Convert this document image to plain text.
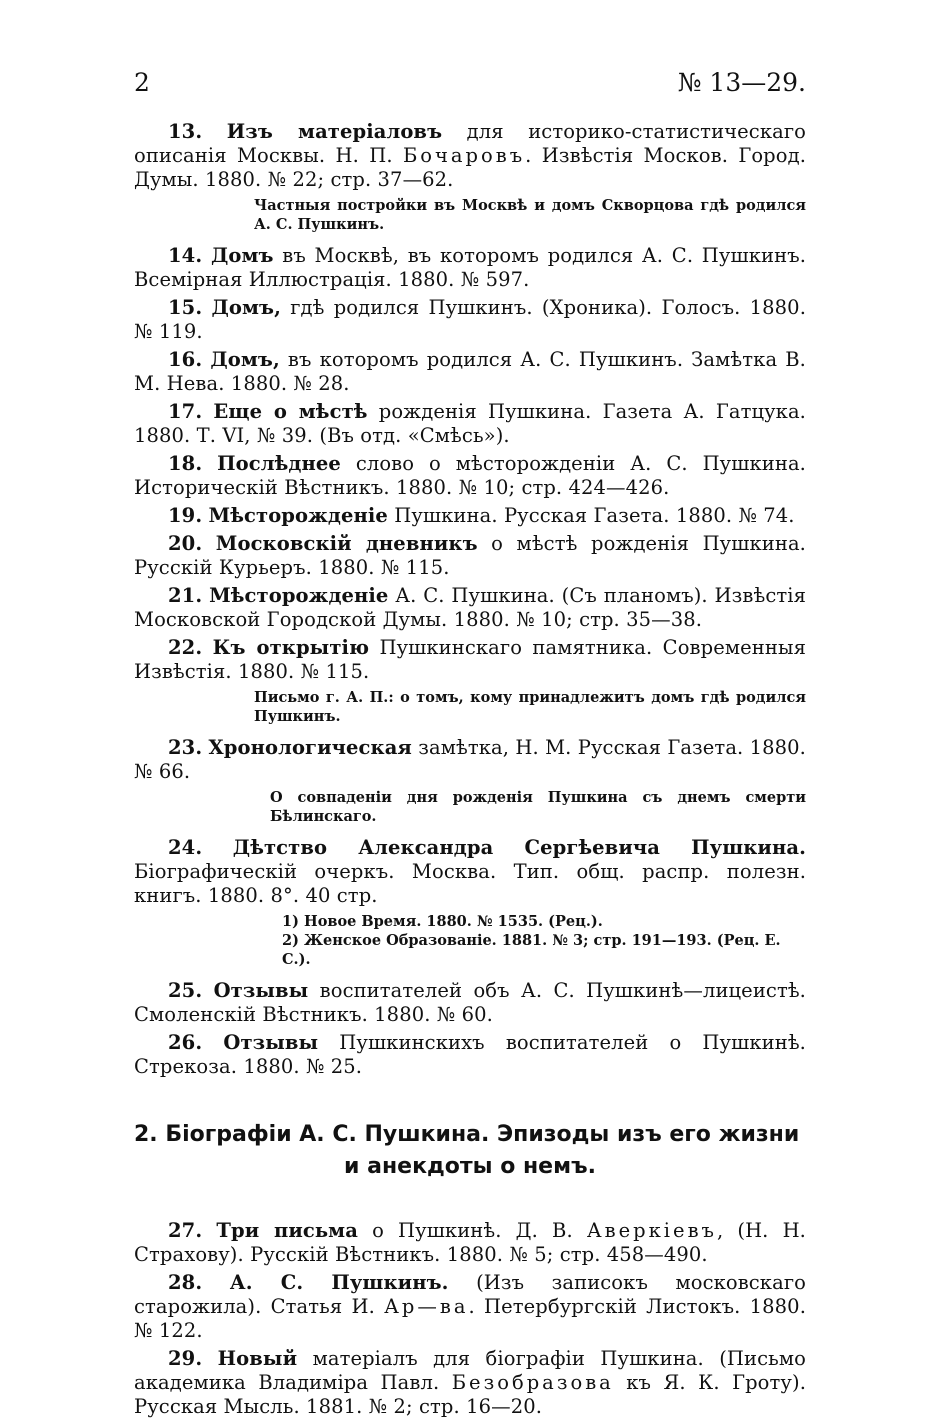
2	№ 13—29.

13. Изъ матеріаловъ для историко-статистическаго описанія Москвы. Н. П. Бочаровъ. Извѣстія Москов. Город. Думы. 1880. № 22; стр. 37—62.

Частныя постройки въ Москвѣ и домъ Скворцова гдѣ родился А. С. Пушкинъ.

14. Домъ въ Москвѣ, въ которомъ родился А. С. Пушкинъ. Всемірная Иллюстрація. 1880. № 597.

15. Домъ, гдѣ родился Пушкинъ. (Хроника). Голосъ. 1880. № 119.

16. Домъ, въ которомъ родился А. С. Пушкинъ. Замѣтка В. М. Нева. 1880. № 28.

17. Еще о мѣстѣ рожденія Пушкина. Газета А. Гатцука. 1880. Т. VI, № 39. (Въ отд. «Смѣсь»).

18. Послѣднее слово о мѣсторожденіи А. С. Пушкина. Историческій Вѣстникъ. 1880. № 10; стр. 424—426.

19. Мѣсторожденіе Пушкина. Русская Газета. 1880. № 74.

20. Московскій дневникъ о мѣстѣ рожденія Пушкина. Русскій Курьеръ. 1880. № 115.

21. Мѣсторожденіе А. С. Пушкина. (Съ планомъ). Извѣстія Московской Городской Думы. 1880. № 10; стр. 35—38.

22. Къ открытію Пушкинскаго памятника. Современныя Извѣстія. 1880. № 115.

Письмо г. А. П.: о томъ, кому принадлежитъ домъ гдѣ родился Пушкинъ.

23. Хронологическая замѣтка, Н. М. Русская Газета. 1880. № 66.

О совпаденіи дня рожденія Пушкина съ днемъ смерти Бѣлинскаго.

24. Дѣтство Александра Сергѣевича Пушкина. Біографическій очеркъ. Москва. Тип. общ. распр. полезн. книгъ. 1880. 8°. 40 стр.

1) Новое Время. 1880. № 1535. (Рец.).

2) Женское Образованіе. 1881. № 3; стр. 191—193. (Рец. Е. С.).

25. Отзывы воспитателей объ А. С. Пушкинѣ—лицеистѣ. Смоленскій Вѣстникъ. 1880. № 60.

26. Отзывы Пушкинскихъ воспитателей о Пушкинѣ. Стрекоза. 1880. № 25.

2. Біографіи А. С. Пушкина. Эпизоды изъ его жизни
и анекдоты о немъ.

27. Три письма о Пушкинѣ. Д. В. Аверкіевъ, (Н. Н. Страхову). Русскій Вѣстникъ. 1880. № 5; стр. 458—490.

28. А. С. Пушкинъ. (Изъ записокъ московскаго старожила). Статья И. Ар—ва. Петербургскій Листокъ. 1880. № 122.

29. Новый матеріалъ для біографіи Пушкина. (Письмо академика Владиміра Павл. Безобразова къ Я. К. Гроту). Русская Мысль. 1881. № 2; стр. 16—20.
